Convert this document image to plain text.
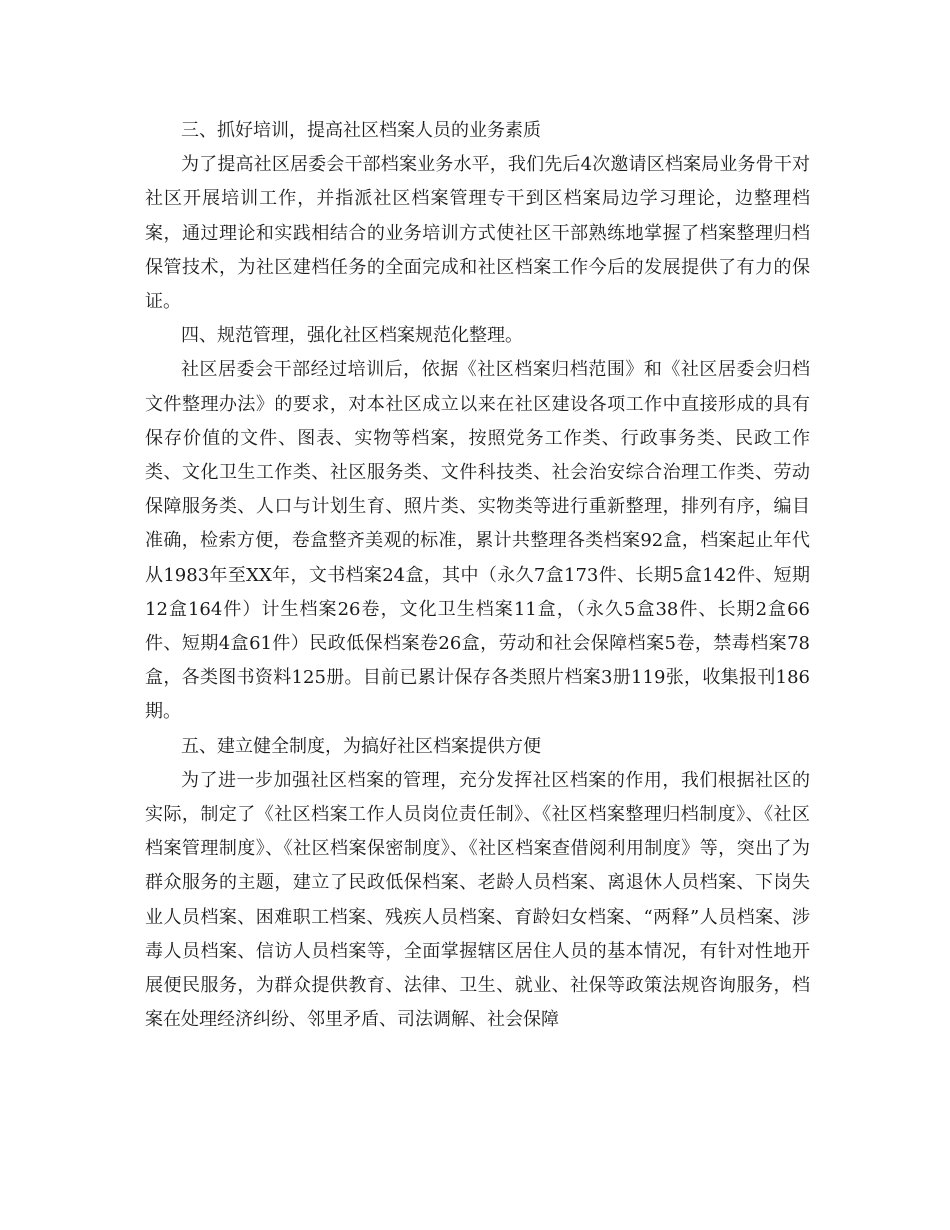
三、抓好培训，提高社区档案人员的业务素质

为了提高社区居委会干部档案业务水平，我们先后4次邀请区档案局业务骨干对社区开展培训工作，并指派社区档案管理专干到区档案局边学习理论，边整理档案，通过理论和实践相结合的业务培训方式使社区干部熟练地掌握了档案整理归档保管技术，为社区建档任务的全面完成和社区档案工作今后的发展提供了有力的保证。

四、规范管理，强化社区档案规范化整理。

社区居委会干部经过培训后，依据《社区档案归档范围》和《社区居委会归档文件整理办法》的要求，对本社区成立以来在社区建设各项工作中直接形成的具有保存价值的文件、图表、实物等档案，按照党务工作类、行政事务类、民政工作类、文化卫生工作类、社区服务类、文件科技类、社会治安综合治理工作类、劳动保障服务类、人口与计划生育、照片类、实物类等进行重新整理，排列有序，编目准确，检索方便，卷盒整齐美观的标准，累计共整理各类档案92盒，档案起止年代从1983年至XX年，文书档案24盒，其中（永久7盒173件、长期5盒142件、短期12盒164件）计生档案26卷，文化卫生档案11盒，（永久5盒38件、长期2盒66件、短期4盒61件）民政低保档案卷26盒，劳动和社会保障档案5卷，禁毒档案78盒，各类图书资料125册。目前已累计保存各类照片档案3册119张，收集报刊186期。

五、建立健全制度，为搞好社区档案提供方便

为了进一步加强社区档案的管理，充分发挥社区档案的作用，我们根据社区的实际，制定了《社区档案工作人员岗位责任制》、《社区档案整理归档制度》、《社区档案管理制度》、《社区档案保密制度》、《社区档案查借阅利用制度》等，突出了为群众服务的主题，建立了民政低保档案、老龄人员档案、离退休人员档案、下岗失业人员档案、困难职工档案、残疾人员档案、育龄妇女档案、“两释”人员档案、涉毒人员档案、信访人员档案等，全面掌握辖区居住人员的基本情况，有针对性地开展便民服务，为群众提供教育、法律、卫生、就业、社保等政策法规咨询服务，档案在处理经济纠纷、邻里矛盾、司法调解、社会保障
